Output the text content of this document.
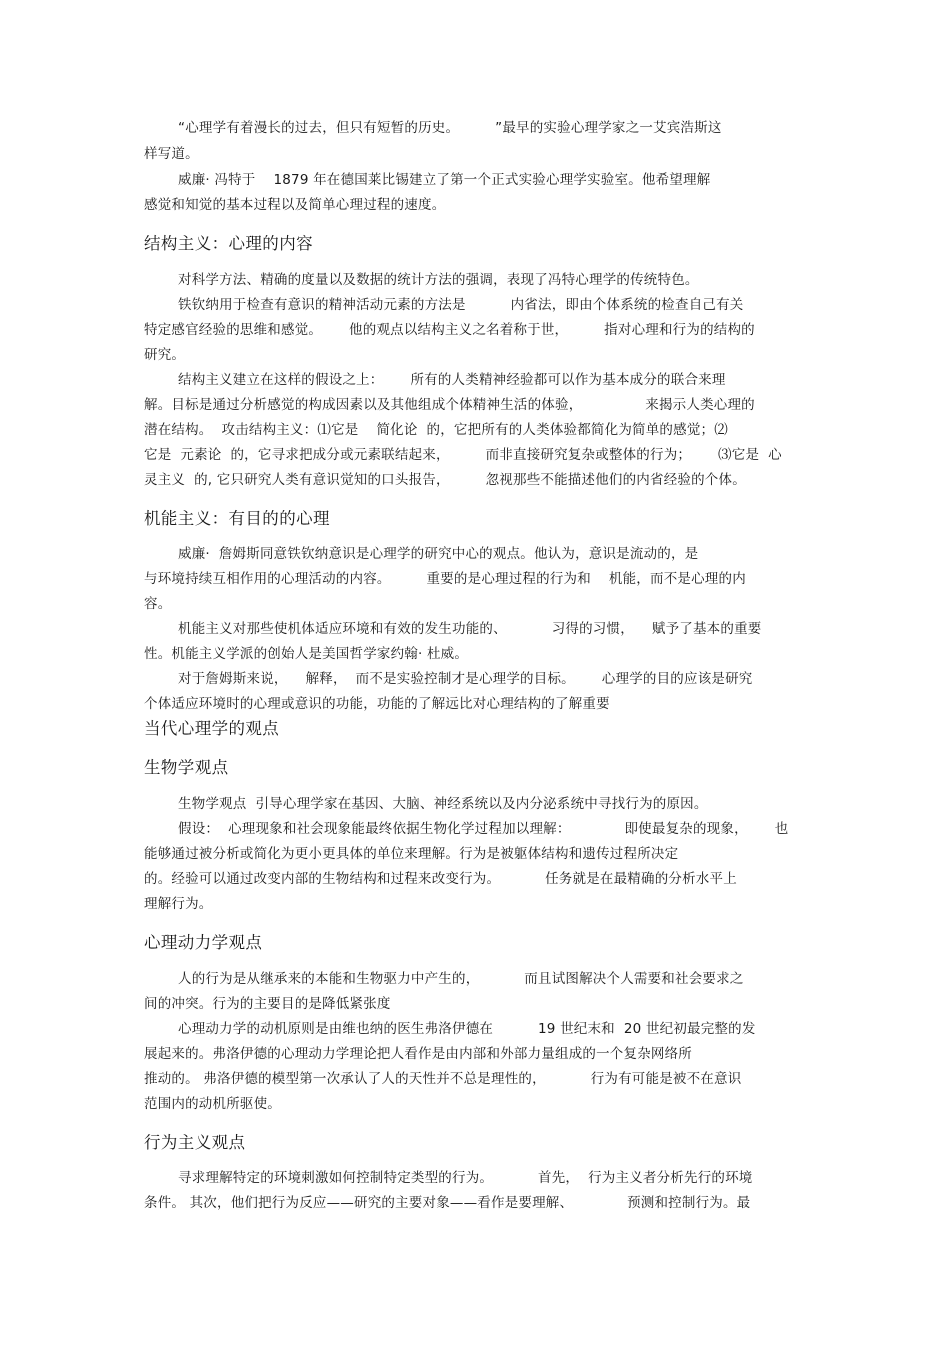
“心理学有着漫长的过去，但只有短暂的历史。        ”最早的实验心理学家之一艾宾浩斯这
样写道。
威廉· 冯特于    1879 年在德国莱比锡建立了第一个正式实验心理学实验室。他希望理解
感觉和知觉的基本过程以及简单心理过程的速度。
结构主义：心理的内容
对科学方法、精确的度量以及数据的统计方法的强调，表现了冯特心理学的传统特色。
铁钦纳用于检查有意识的精神活动元素的方法是          内省法，即由个体系统的检查自己有关
特定感官经验的思维和感觉。      他的观点以结构主义之名着称于世，        指对心理和行为的结构的
研究。
结构主义建立在这样的假设之上：      所有的人类精神经验都可以作为基本成分的联合来理
解。目标是通过分析感觉的构成因素以及其他组成个体精神生活的体验，              来揭示人类心理的
潜在结构。  攻击结构主义：⑴它是    简化论  的，它把所有的人类体验都简化为简单的感觉；⑵
它是  元素论  的，它寻求把成分或元素联结起来，        而非直接研究复杂或整体的行为；      ⑶它是  心
灵主义  的, 它只研究人类有意识觉知的口头报告，        忽视那些不能描述他们的内省经验的个体。
机能主义：有目的的心理
威廉·  詹姆斯同意铁钦纳意识是心理学的研究中心的观点。他认为，意识是流动的，是
与环境持续互相作用的心理活动的内容。        重要的是心理过程的行为和    机能，而不是心理的内
容。
机能主义对那些使机体适应环境和有效的发生功能的、          习得的习惯，    赋予了基本的重要
性。机能主义学派的创始人是美国哲学家约翰· 杜威。
对于詹姆斯来说，    解释，  而不是实验控制才是心理学的目标。      心理学的目的应该是研究
个体适应环境时的心理或意识的功能，功能的了解远比对心理结构的了解重要
当代心理学的观点
生物学观点
生物学观点  引导心理学家在基因、大脑、神经系统以及内分泌系统中寻找行为的原因。
假设：  心理现象和社会现象能最终依据生物化学过程加以理解：            即使最复杂的现象，      也
能够通过被分析或简化为更小更具体的单位来理解。行为是被躯体结构和遗传过程所决定
的。经验可以通过改变内部的生物结构和过程来改变行为。          任务就是在最精确的分析水平上
理解行为。
心理动力学观点
人的行为是从继承来的本能和生物驱力中产生的，          而且试图解决个人需要和社会要求之
间的冲突。行为的主要目的是降低紧张度
心理动力学的动机原则是由维也纳的医生弗洛伊德在          19 世纪末和  20 世纪初最完整的发
展起来的。弗洛伊德的心理动力学理论把人看作是由内部和外部力量组成的一个复杂网络所
推动的。 弗洛伊德的模型第一次承认了人的天性并不总是理性的，          行为有可能是被不在意识
范围内的动机所驱使。
行为主义观点
寻求理解特定的环境刺激如何控制特定类型的行为。          首先，  行为主义者分析先行的环境
条件。 其次，他们把行为反应——研究的主要对象——看作是要理解、            预测和控制行为。最
